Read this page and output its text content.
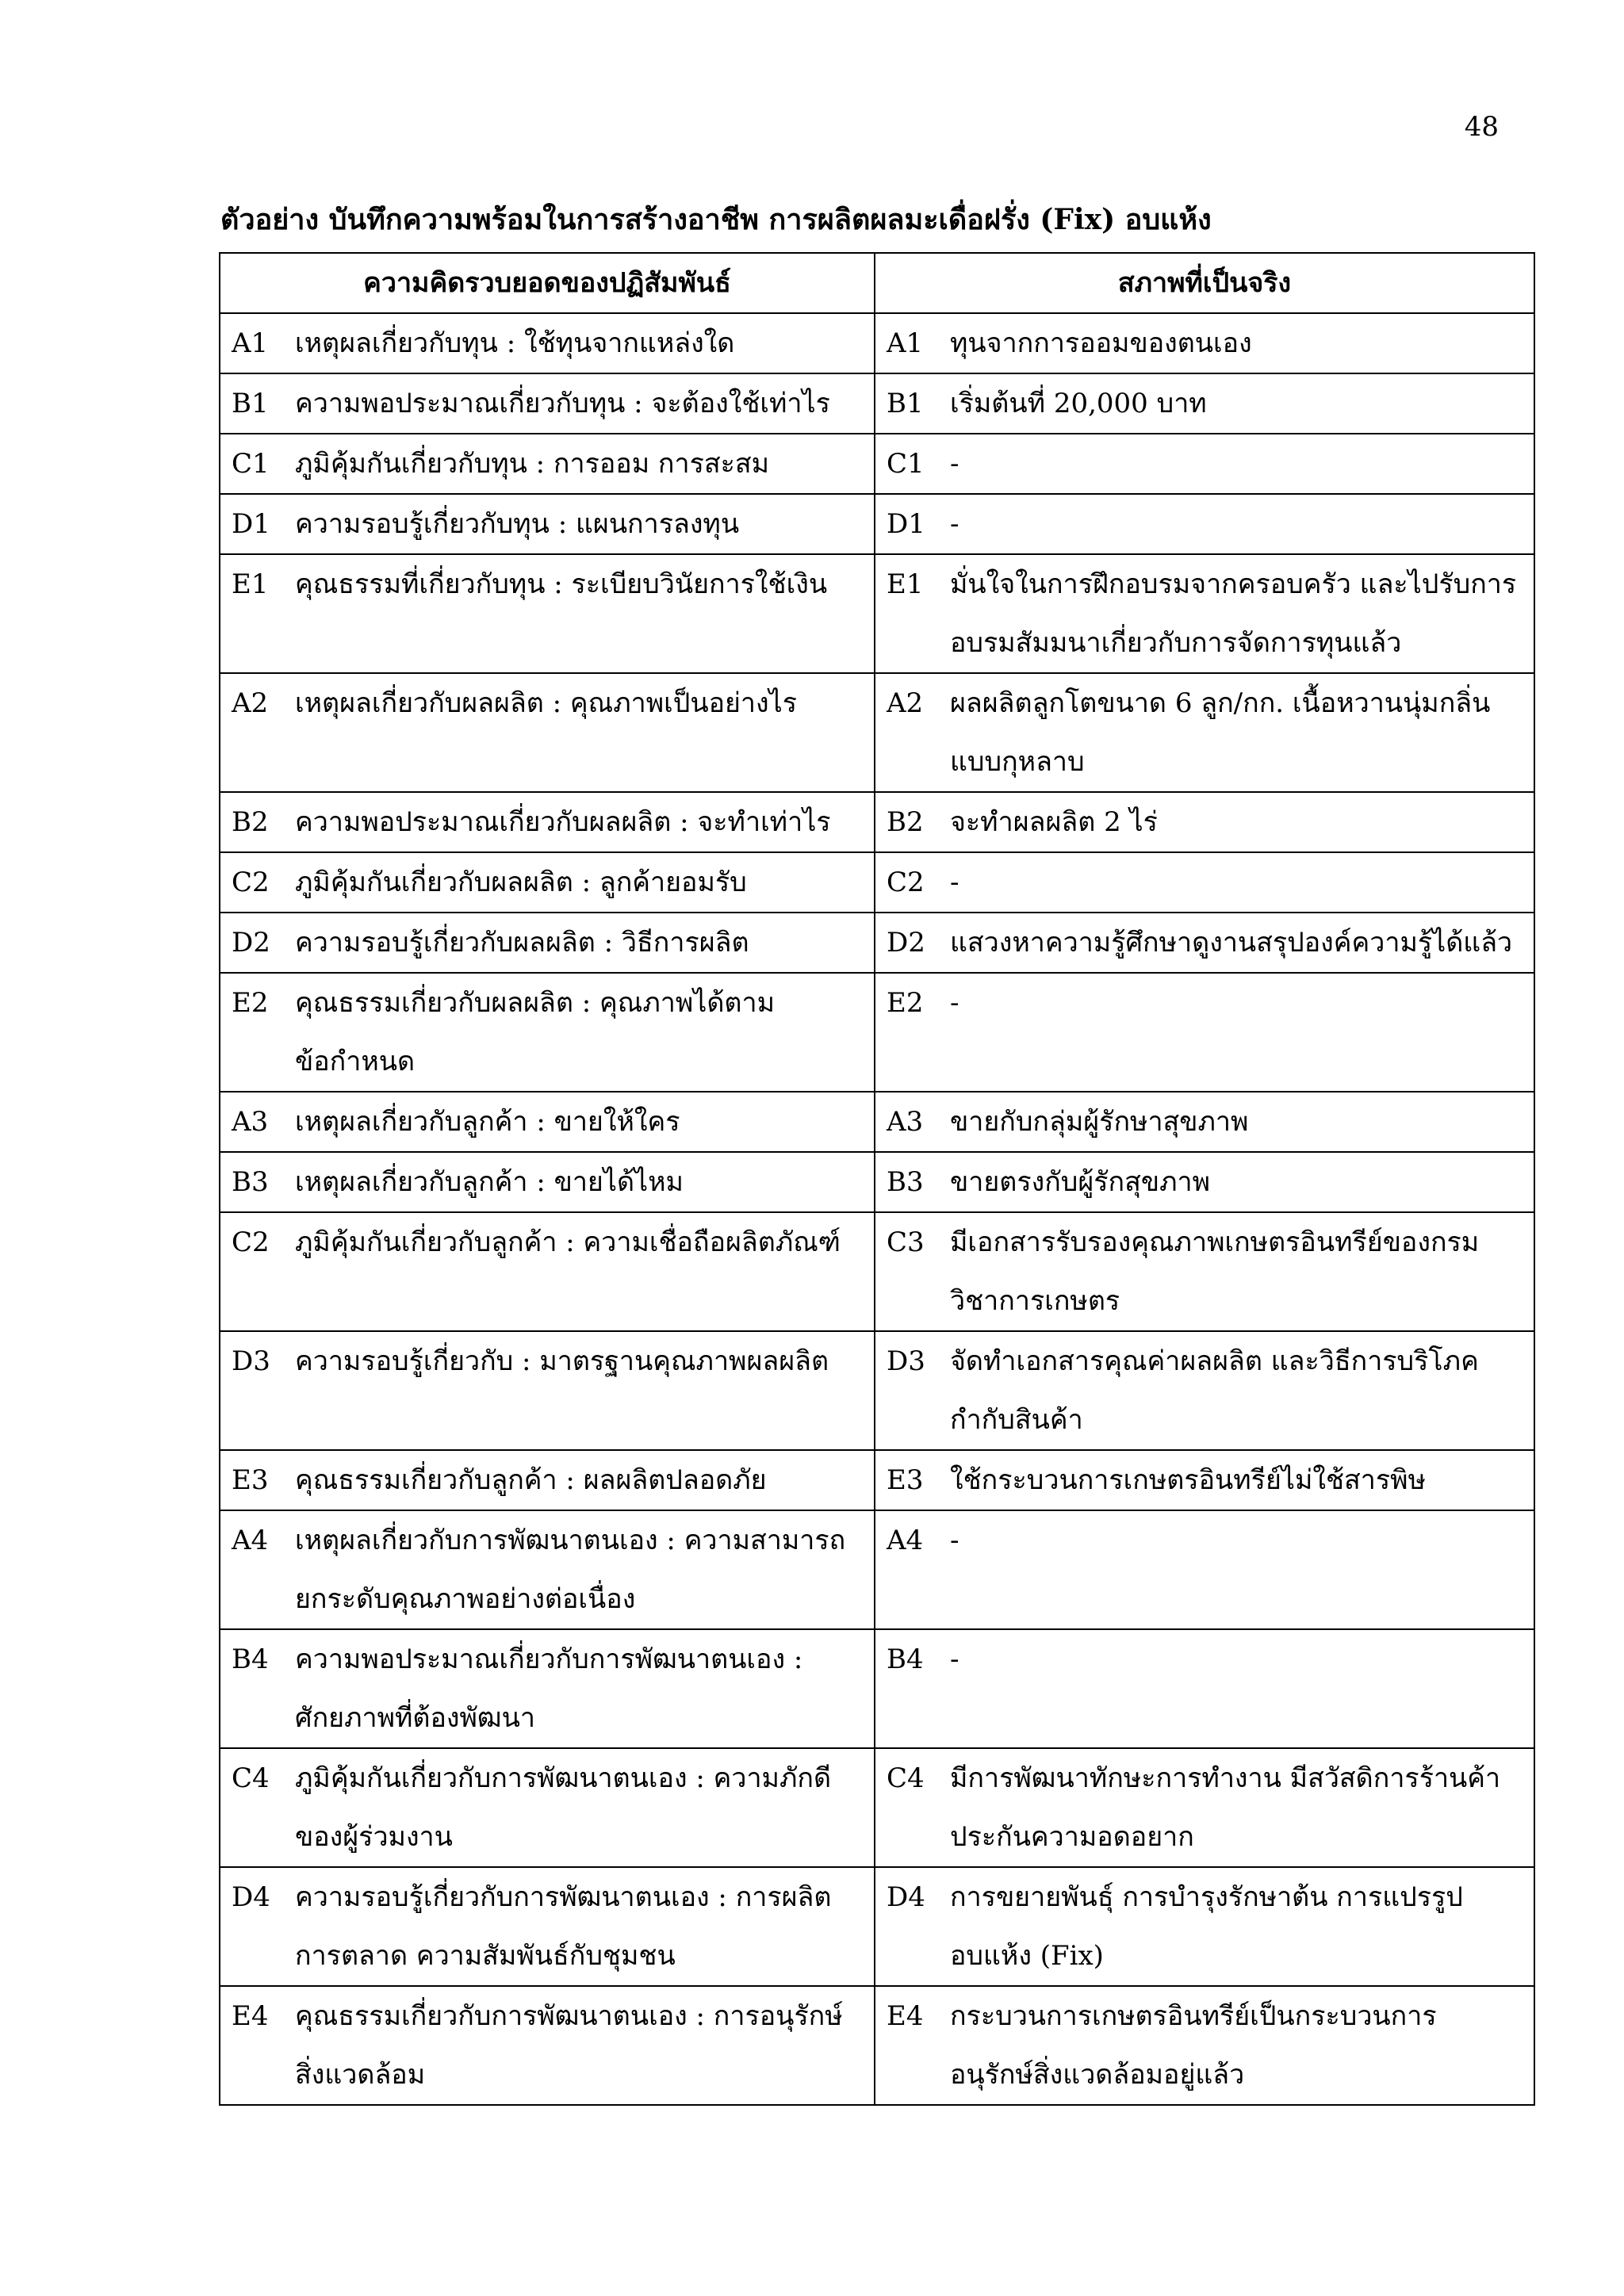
48
ตัวอย่าง บันทึกความพร้อมในการสร้างอาชีพ การผลิตผลมะเดื่อฝรั่ง (Fix) อบแห้ง
ความคิดรวบยอดของปฏิสัมพันธ์	สภาพที่เป็นจริง

A1 เหตุผลเกี่ยวกับทุน : ใช้ทุนจากแหล่งใด	A1 ทุนจากการออมของตนเอง

B1 ความพอประมาณเกี่ยวกับทุน : จะต้องใช้เท่าไร	B1 เริ่มต้นที่ 20,000 บาท

C1 ภูมิคุ้มกันเกี่ยวกับทุน : การออม การสะสม	C1 -

D1 ความรอบรู้เกี่ยวกับทุน : แผนการลงทุน	D1 -

E1 คุณธรรมที่เกี่ยวกับทุน : ระเบียบวินัยการใช้เงิน	E1 มั่นใจในการฝึกอบรมจากครอบครัว และไปรับการ
อบรมสัมมนาเกี่ยวกับการจัดการทุนแล้ว

A2 เหตุผลเกี่ยวกับผลผลิต : คุณภาพเป็นอย่างไร	A2 ผลผลิตลูกโตขนาด 6 ลูก/กก. เนื้อหวานนุ่มกลิ่น
แบบกุหลาบ

B2 ความพอประมาณเกี่ยวกับผลผลิต : จะทำเท่าไร	B2 จะทำผลผลิต 2 ไร่

C2 ภูมิคุ้มกันเกี่ยวกับผลผลิต : ลูกค้ายอมรับ	C2 -

D2 ความรอบรู้เกี่ยวกับผลผลิต : วิธีการผลิต	D2 แสวงหาความรู้ศึกษาดูงานสรุปองค์ความรู้ได้แล้ว

E2 คุณธรรมเกี่ยวกับผลผลิต : คุณภาพได้ตาม
ข้อกำหนด	E2 -

A3 เหตุผลเกี่ยวกับลูกค้า : ขายให้ใคร	A3 ขายกับกลุ่มผู้รักษาสุขภาพ

B3 เหตุผลเกี่ยวกับลูกค้า : ขายได้ไหม	B3 ขายตรงกับผู้รักสุขภาพ

C2 ภูมิคุ้มกันเกี่ยวกับลูกค้า : ความเชื่อถือผลิตภัณฑ์	C3 มีเอกสารรับรองคุณภาพเกษตรอินทรีย์ของกรม
วิชาการเกษตร

D3 ความรอบรู้เกี่ยวกับ : มาตรฐานคุณภาพผลผลิต	D3 จัดทำเอกสารคุณค่าผลผลิต และวิธีการบริโภค
กำกับสินค้า

E3 คุณธรรมเกี่ยวกับลูกค้า : ผลผลิตปลอดภัย	E3 ใช้กระบวนการเกษตรอินทรีย์ไม่ใช้สารพิษ

A4 เหตุผลเกี่ยวกับการพัฒนาตนเอง : ความสามารถ
ยกระดับคุณภาพอย่างต่อเนื่อง	A4 -

B4 ความพอประมาณเกี่ยวกับการพัฒนาตนเอง :
ศักยภาพที่ต้องพัฒนา	B4 -

C4 ภูมิคุ้มกันเกี่ยวกับการพัฒนาตนเอง : ความภักดี
ของผู้ร่วมงาน	C4 มีการพัฒนาทักษะการทำงาน มีสวัสดิการร้านค้า
ประกันความอดอยาก

D4 ความรอบรู้เกี่ยวกับการพัฒนาตนเอง : การผลิต
การตลาด ความสัมพันธ์กับชุมชน	D4 การขยายพันธุ์ การบำรุงรักษาต้น การแปรรูป
อบแห้ง (Fix)

E4 คุณธรรมเกี่ยวกับการพัฒนาตนเอง : การอนุรักษ์
สิ่งแวดล้อม	E4 กระบวนการเกษตรอินทรีย์เป็นกระบวนการ
อนุรักษ์สิ่งแวดล้อมอยู่แล้ว
